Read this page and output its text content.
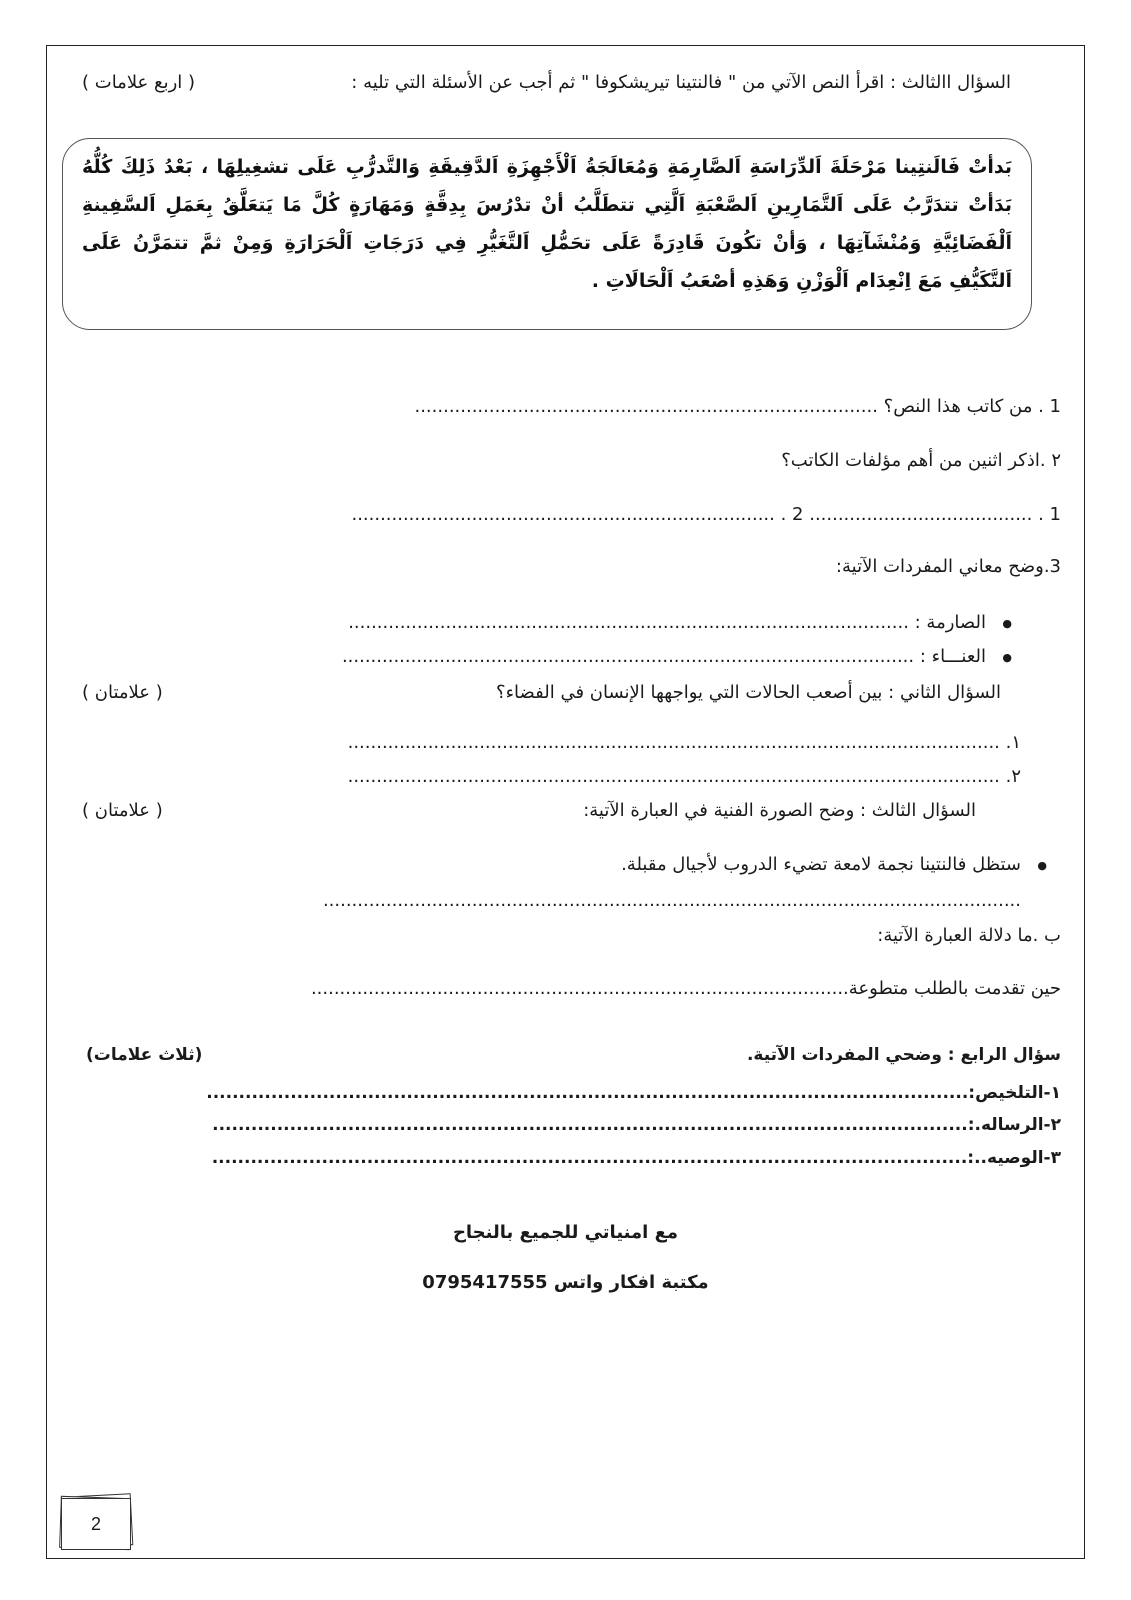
السؤال االثالث : اقرأ النص الآتي من " فالنتينا تيريشكوفا " ثم أجب عن الأسئلة التي تليه :
( اربع علامات )
بَدأتْ فَالَنتِينا مَرْحَلَةَ اَلدِّرَاسَةِ اَلصَّارِمَةِ وَمُعَالَجَةُ اَلْأَجْهِزَةِ اَلدَّقِيقَةِ وَالتَّدرُّبِ عَلَى تشغِيلِهَا ، بَعْدُ ذَلِكَ كُلُّهُ بَدَأتْ تتدَرَّبُ عَلَى اَلتَّمَارِينِ اَلصَّعْبَةِ اَلَّتِي تتطَلَّبُ أنْ تدْرُسَ بِدِقَّةٍ وَمَهَارَةٍ كُلَّ مَا يَتعَلَّقُ بِعَمَلِ اَلسَّفِينةِ اَلْفَضَائِيَّةِ وَمُنْشَآتِهَا ، وَأنْ تكُونَ قَادِرَةً عَلَى تحَمُّلِ اَلتَّغَيُّرِ فِي دَرَجَاتِ اَلْحَرَارَةِ وَمِنْ ثمَّ تتمَرَّنُ عَلَى اَلتَّكَيُّفِ مَعَ اِنْعِدَام اَلْوَزْنِ وَهَذِهِ أصْعَبُ اَلْحَالَاتِ .
1 . من كاتب هذا النص؟ .................................................................................
٢ .اذكر اثنين من أهم مؤلفات الكاتب؟
1 . ....................................... 2 . ..........................................................................
3.وضح معاني المفردات الآتية:
● الصارمة : ..................................................................................................
● العنـــاء : ....................................................................................................
السؤال الثاني : بين أصعب الحالات التي يواجهها الإنسان في الفضاء؟
( علامتان )
١. ..................................................................................................................
٢. ..................................................................................................................
السؤال الثالث : وضح الصورة الفنية في العبارة الآتية:
( علامتان )
● ستظل فالنتينا نجمة لامعة تضيء الدروب لأجيال مقبلة.
..........................................................................................................................
ب .ما دلالة العبارة الآتية:
حين تقدمت بالطلب متطوعة..............................................................................................
سؤال الرابع : وضحي المفردات الآتية.
(ثلاث علامات)
١-التلخيص:......................................................................................................................
٢-الرساله.:.....................................................................................................................
٣-الوصيه..:.....................................................................................................................
مع امنياتي للجميع بالنجاح
مكتبة افكار واتس 0795417555
2
